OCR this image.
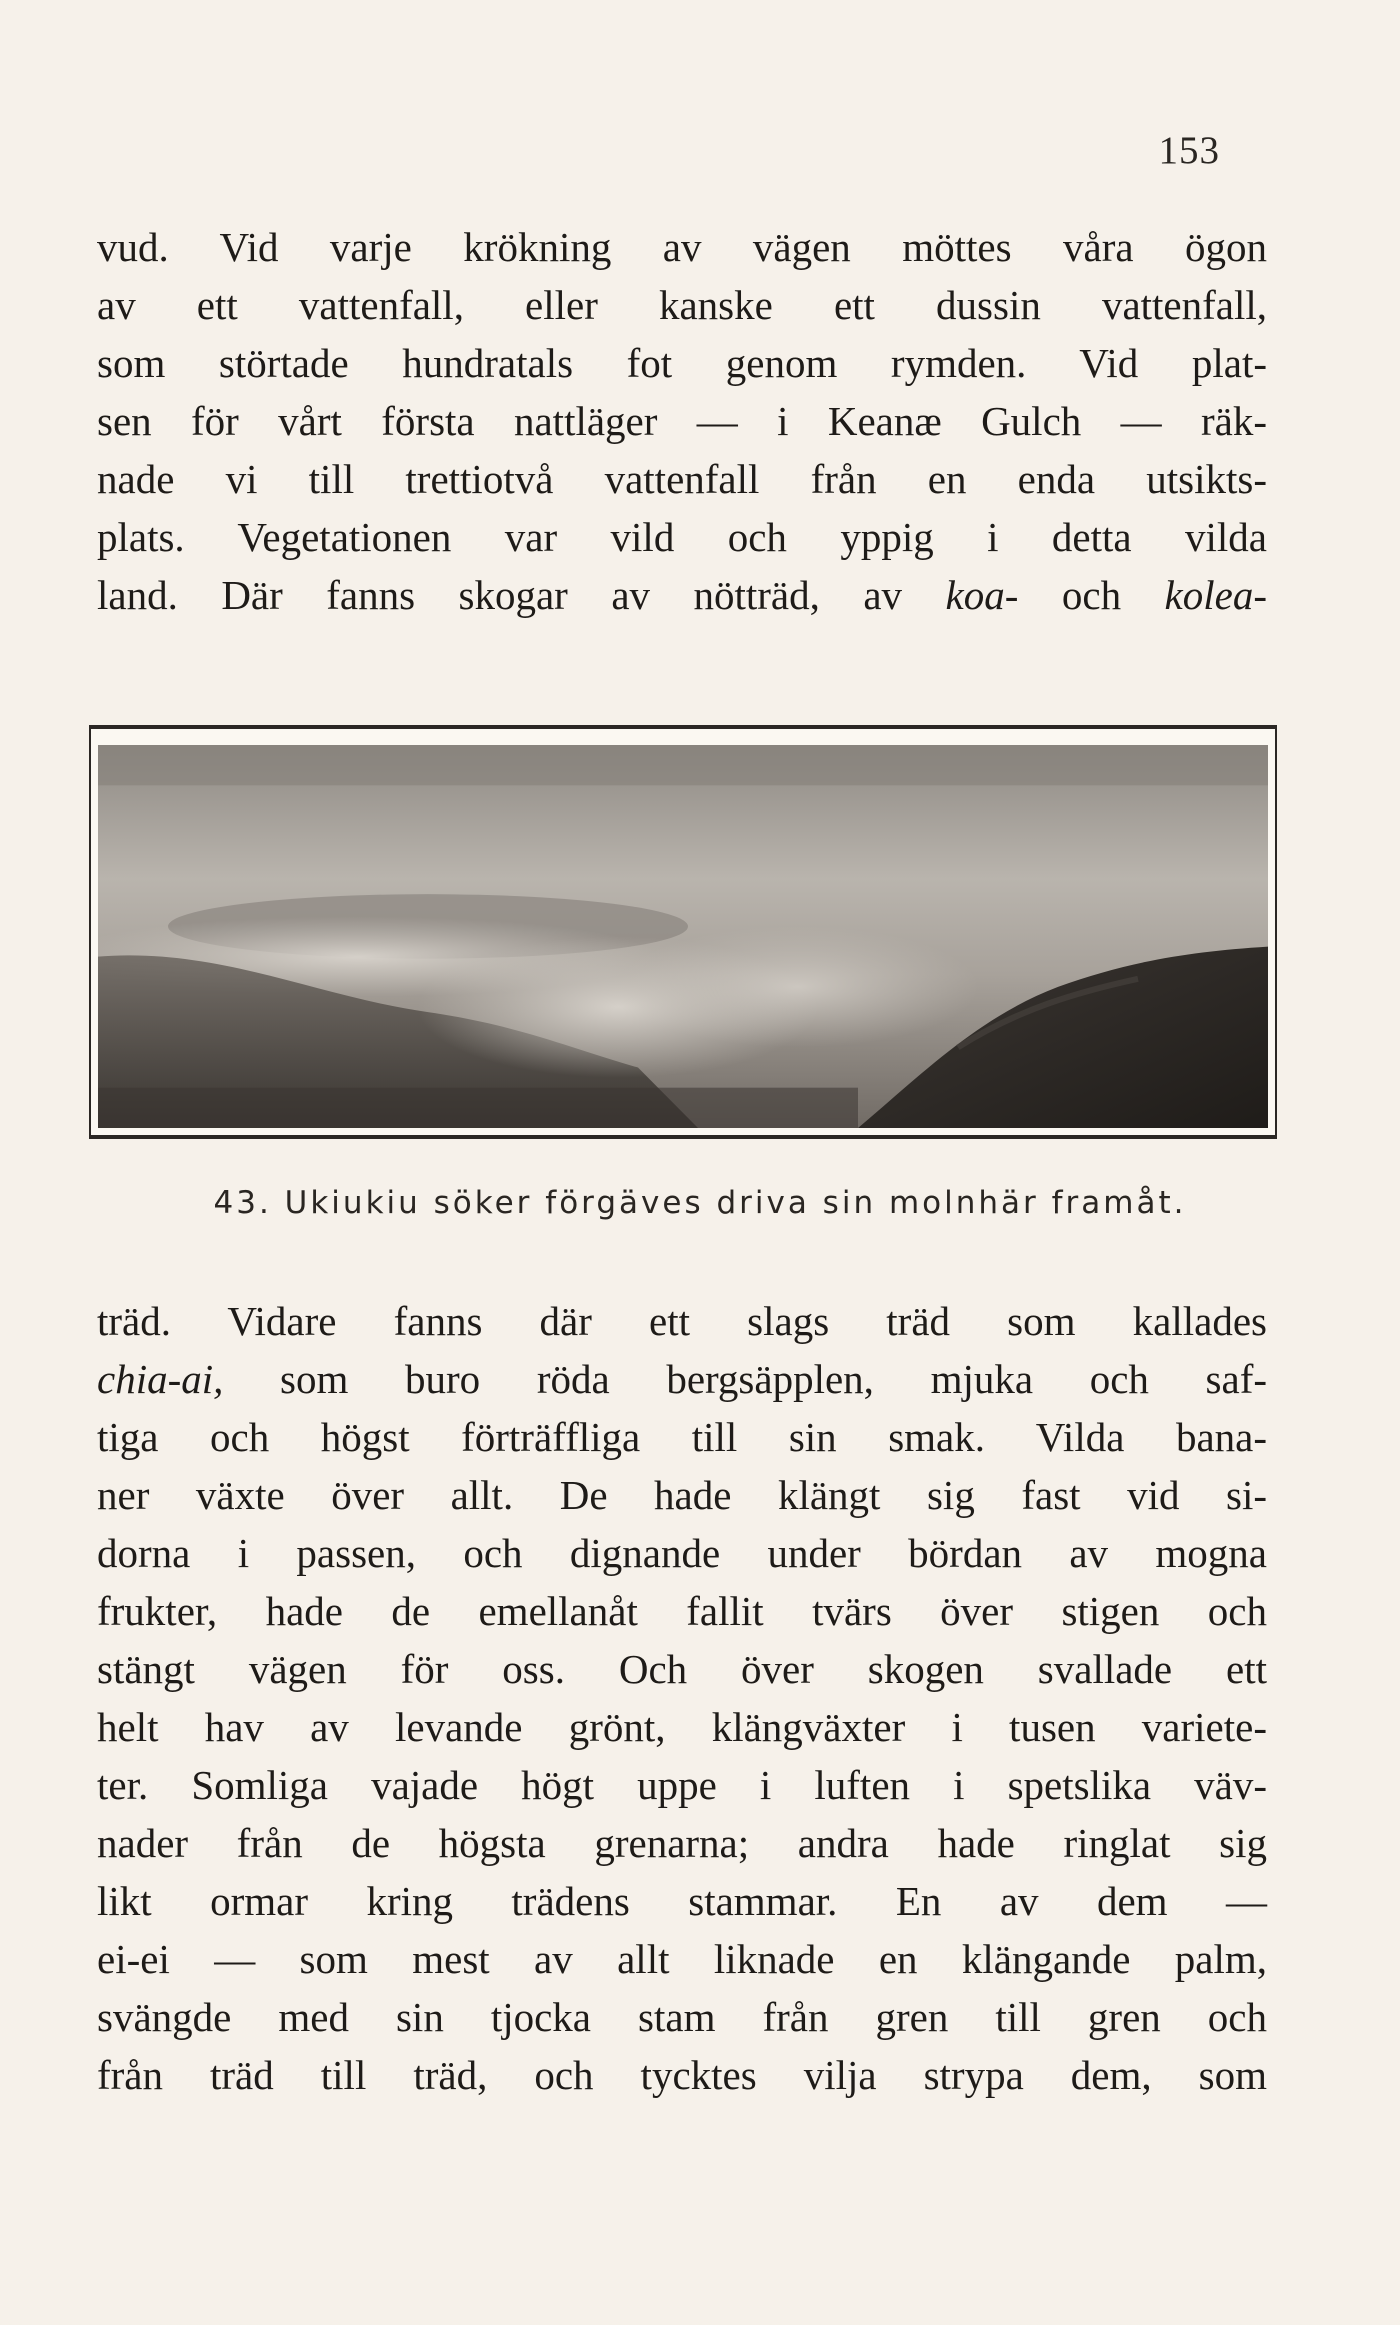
153
vud. Vid varje krökning av vägen möttes våra ögon
av ett vattenfall, eller kanske ett dussin vattenfall,
som störtade hundratals fot genom rymden. Vid plat-
sen för vårt första nattläger — i Keanæ Gulch — räk-
nade vi till trettiotvå vattenfall från en enda utsikts-
plats. Vegetationen var vild och yppig i detta vilda
land. Där fanns skogar av nötträd, av koa- och kolea-
43. Ukiukiu söker förgäves driva sin molnhär framåt.
träd. Vidare fanns där ett slags träd som kallades
chia-ai, som buro röda bergsäpplen, mjuka och saf-
tiga och högst förträffliga till sin smak. Vilda bana-
ner växte över allt. De hade klängt sig fast vid si-
dorna i passen, och dignande under bördan av mogna
frukter, hade de emellanåt fallit tvärs över stigen och
stängt vägen för oss. Och över skogen svallade ett
helt hav av levande grönt, klängväxter i tusen variete-
ter. Somliga vajade högt uppe i luften i spetslika väv-
nader från de högsta grenarna; andra hade ringlat sig
likt ormar kring trädens stammar. En av dem —
ei-ei — som mest av allt liknade en klängande palm,
svängde med sin tjocka stam från gren till gren och
från träd till träd, och tycktes vilja strypa dem, som
